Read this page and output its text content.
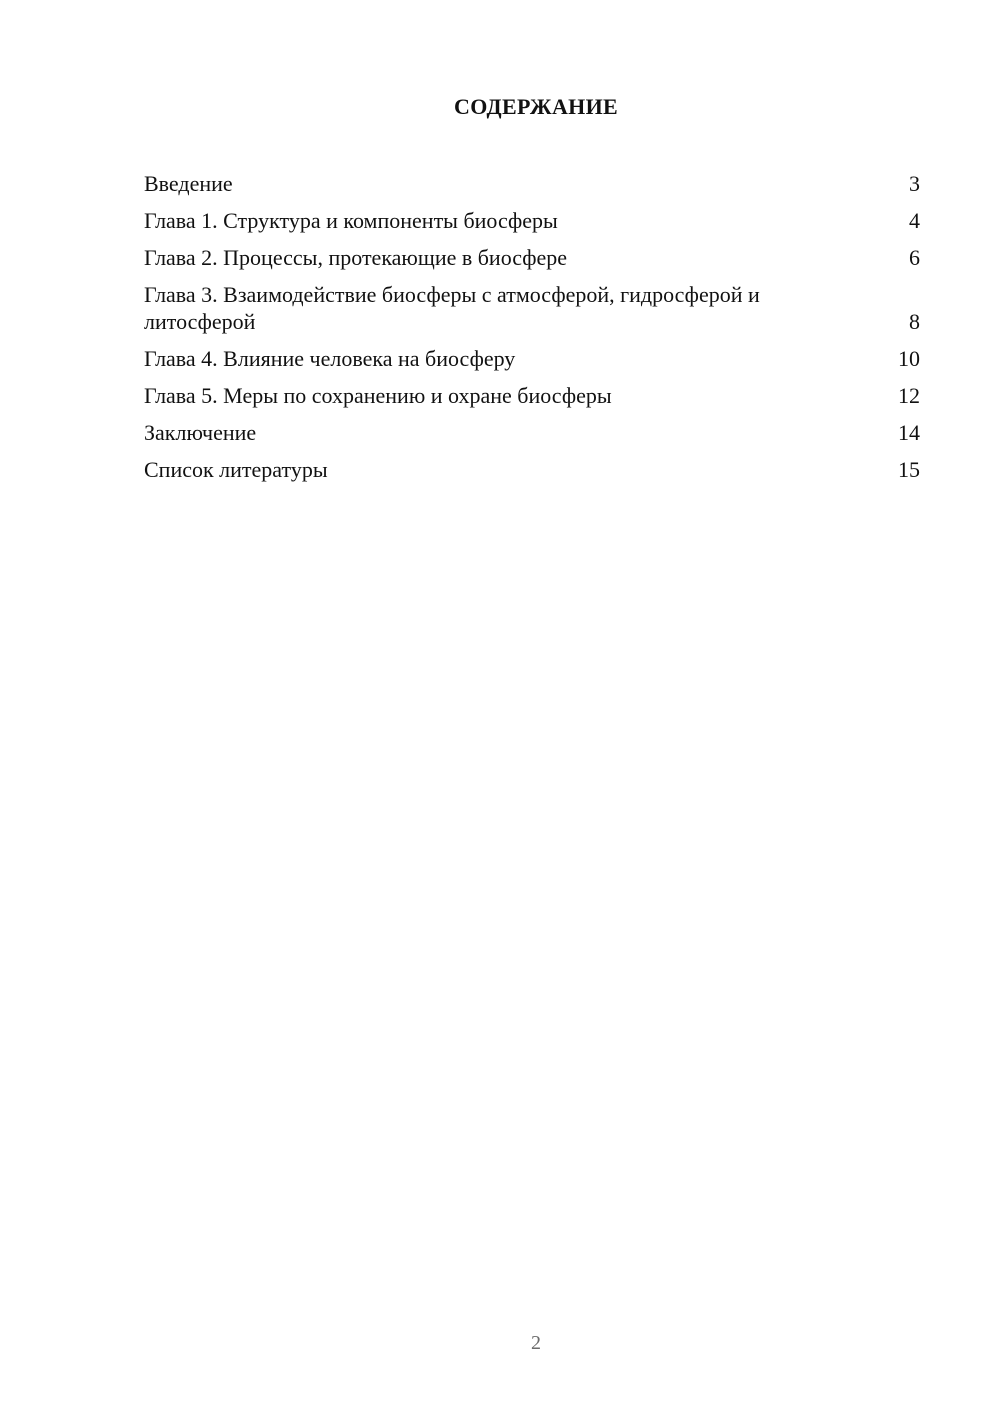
СОДЕРЖАНИЕ
Введение	3
Глава 1. Структура и компоненты биосферы	4
Глава 2. Процессы, протекающие в биосфере	6
Глава 3. Взаимодействие биосферы с атмосферой, гидросферой и литосферой	8
Глава 4. Влияние человека на биосферу	10
Глава 5. Меры по сохранению и охране биосферы	12
Заключение	14
Список литературы	15
2
